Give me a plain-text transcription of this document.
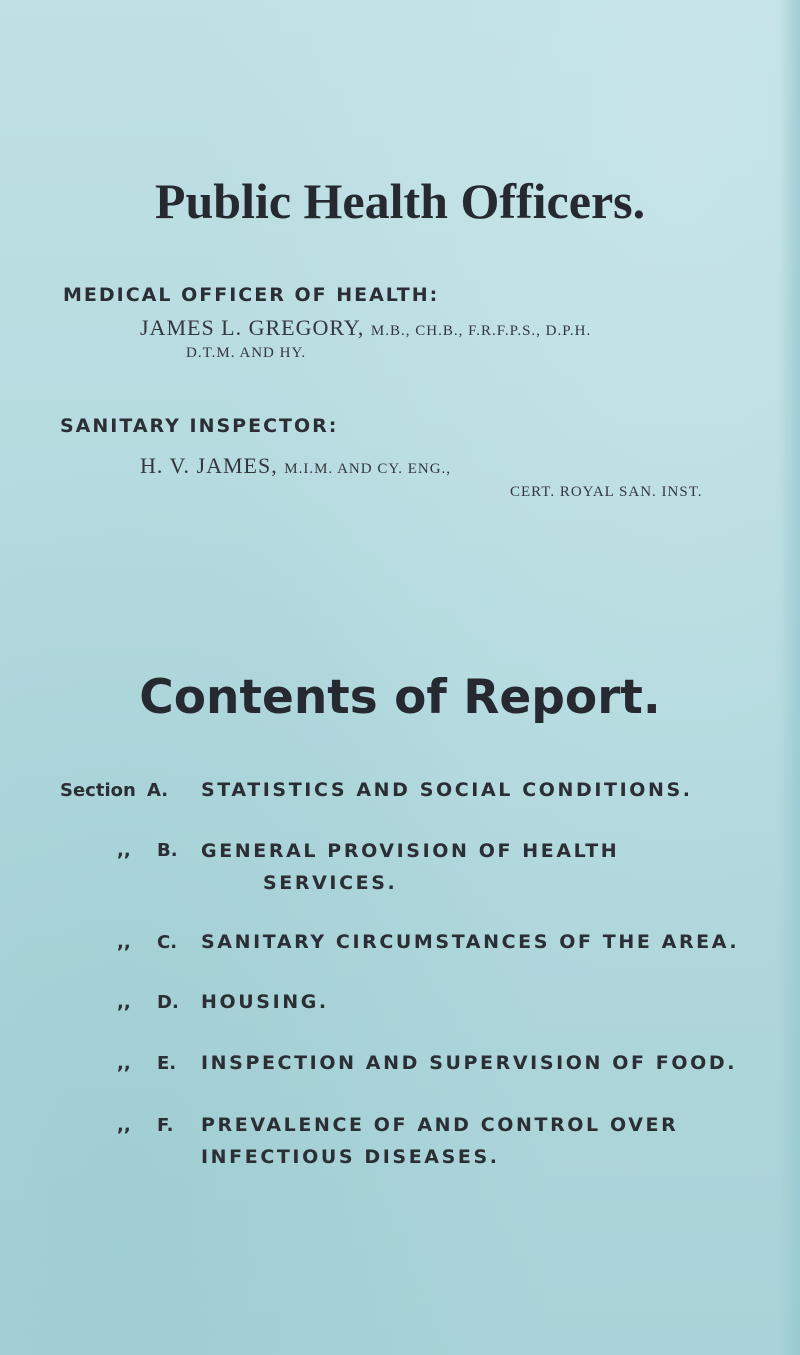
Public Health Officers.
MEDICAL OFFICER OF HEALTH:
JAMES L. GREGORY, M.B., CH.B., F.R.F.P.S., D.P.H.
D.T.M. AND HY.
SANITARY INSPECTOR:
H. V. JAMES, M.I.M. AND CY. ENG.,
CERT. ROYAL SAN. INST.
Contents of Report.
Section A. STATISTICS AND SOCIAL CONDITIONS.
,, B. GENERAL PROVISION OF HEALTH
SERVICES.
,, C. SANITARY CIRCUMSTANCES OF THE AREA.
,, D. HOUSING.
,, E. INSPECTION AND SUPERVISION OF FOOD.
,, F. PREVALENCE OF AND CONTROL OVER
INFECTIOUS DISEASES.
